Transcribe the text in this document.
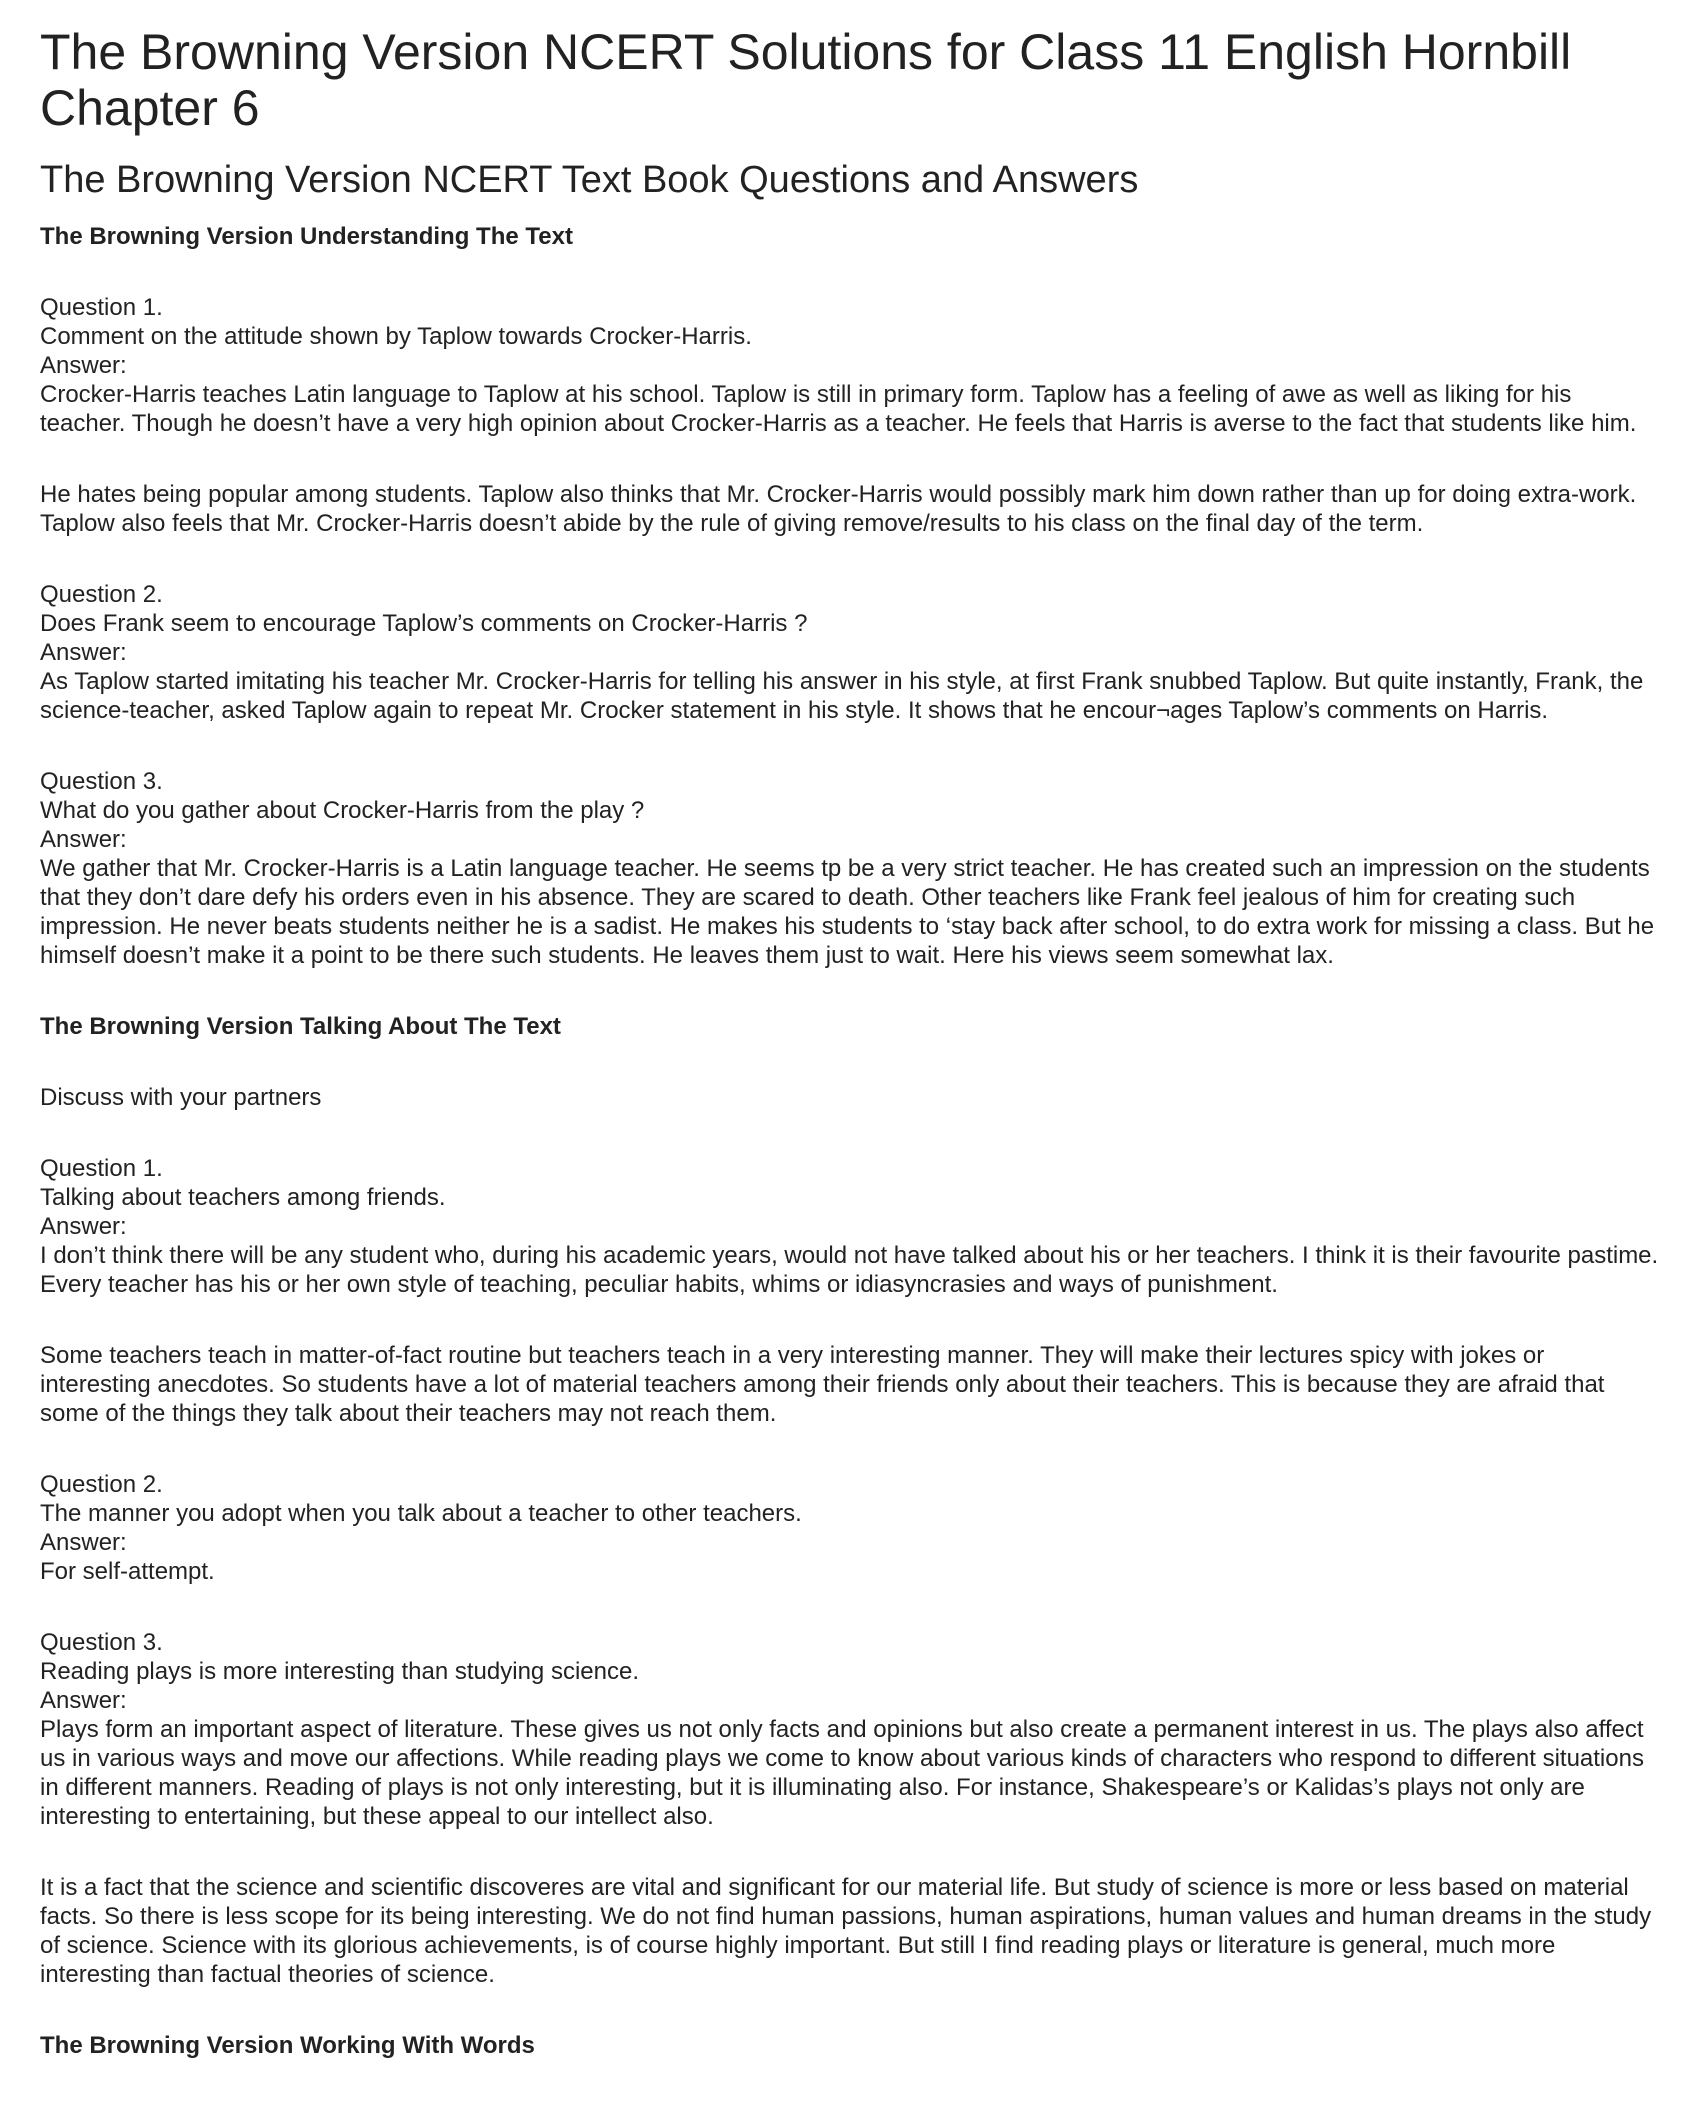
The Browning Version NCERT Solutions for Class 11 English Hornbill Chapter 6
The Browning Version NCERT Text Book Questions and Answers
The Browning Version Understanding The Text

Question 1.

Comment on the attitude shown by Taplow towards Crocker-Harris.

Answer:

Crocker-Harris teaches Latin language to Taplow at his school. Taplow is still in primary form. Taplow has a feeling of awe as well as liking for his teacher. Though he doesn’t have a very high opinion about Crocker-Harris as a teacher. He feels that Harris is averse to the fact that students like him.

He hates being popular among students. Taplow also thinks that Mr. Crocker-Harris would possibly mark him down rather than up for doing extra-work. Taplow also feels that Mr. Crocker-Harris doesn’t abide by the rule of giving remove/results to his class on the final day of the term.

Question 2.

Does Frank seem to encourage Taplow’s comments on Crocker-Harris ?

Answer:

As Taplow started imitating his teacher Mr. Crocker-Harris for telling his answer in his style, at first Frank snubbed Taplow. But quite instantly, Frank, the science-teacher, asked Taplow again to repeat Mr. Crocker statement in his style. It shows that he encour¬ages Taplow’s comments on Harris.

Question 3.

What do you gather about Crocker-Harris from the play ?

Answer:

We gather that Mr. Crocker-Harris is a Latin language teacher. He seems tp be a very strict teacher. He has created such an impression on the students that they don’t dare defy his orders even in his absence. They are scared to death. Other teachers like Frank feel jealous of him for creating such impression. He never beats students neither he is a sadist. He makes his students to ‘stay back after school, to do extra work for missing a class. But he himself doesn’t make it a point to be there such students. He leaves them just to wait. Here his views seem somewhat lax.

The Browning Version Talking About The Text

Discuss with your partners

Question 1.

Talking about teachers among friends.

Answer:

I don’t think there will be any student who, during his academic years, would not have talked about his or her teachers. I think it is their favourite pastime. Every teacher has his or her own style of teaching, peculiar habits, whims or idiasyncrasies and ways of punishment.

Some teachers teach in matter-of-fact routine but teachers teach in a very interesting manner. They will make their lectures spicy with jokes or interesting anecdotes. So students have a lot of material teachers among their friends only about their teachers. This is because they are afraid that some of the things they talk about their teachers may not reach them.

Question 2.

The manner you adopt when you talk about a teacher to other teachers.

Answer:

For self-attempt.

Question 3.

Reading plays is more interesting than studying science.

Answer:

Plays form an important aspect of literature. These gives us not only facts and opinions but also create a permanent interest in us. The plays also affect us in various ways and move our affections. While reading plays we come to know about various kinds of characters who respond to different situations in different manners. Reading of plays is not only interesting, but it is illuminating also. For instance, Shakespeare’s or Kalidas’s plays not only are interesting to entertaining, but these appeal to our intellect also.

It is a fact that the science and scientific discoveres are vital and significant for our material life. But study of science is more or less based on material facts. So there is less scope for its being interesting. We do not find human passions, human aspirations, human values and human dreams in the study of science. Science with its glorious achievements, is of course highly important. But still I find reading plays or literature is general, much more interesting than factual theories of science.

The Browning Version Working With Words
